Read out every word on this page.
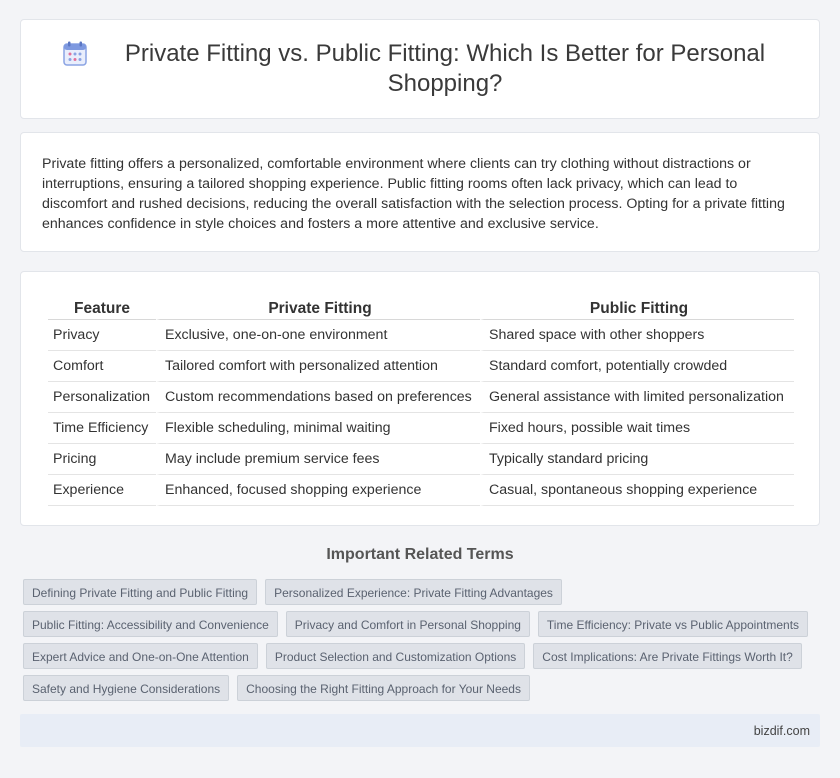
Private Fitting vs. Public Fitting: Which Is Better for Personal Shopping?

Private fitting offers a personalized, comfortable environment where clients can try clothing without distractions or interruptions, ensuring a tailored shopping experience. Public fitting rooms often lack privacy, which can lead to discomfort and rushed decisions, reducing the overall satisfaction with the selection process. Opting for a private fitting enhances confidence in style choices and fosters a more attentive and exclusive service.

Feature	Private Fitting	Public Fitting
Privacy	Exclusive, one-on-one environment	Shared space with other shoppers
Comfort	Tailored comfort with personalized attention	Standard comfort, potentially crowded
Personalization	Custom recommendations based on preferences	General assistance with limited personalization
Time Efficiency	Flexible scheduling, minimal waiting	Fixed hours, possible wait times
Pricing	May include premium service fees	Typically standard pricing
Experience	Enhanced, focused shopping experience	Casual, spontaneous shopping experience
Important Related Terms
Defining Private Fitting and Public Fitting	Personalized Experience: Private Fitting Advantages
Public Fitting: Accessibility and Convenience	Privacy and Comfort in Personal Shopping	Time Efficiency: Private vs Public Appointments
Expert Advice and One-on-One Attention	Product Selection and Customization Options	Cost Implications: Are Private Fittings Worth It?
Safety and Hygiene Considerations	Choosing the Right Fitting Approach for Your Needs
bizdif.com
